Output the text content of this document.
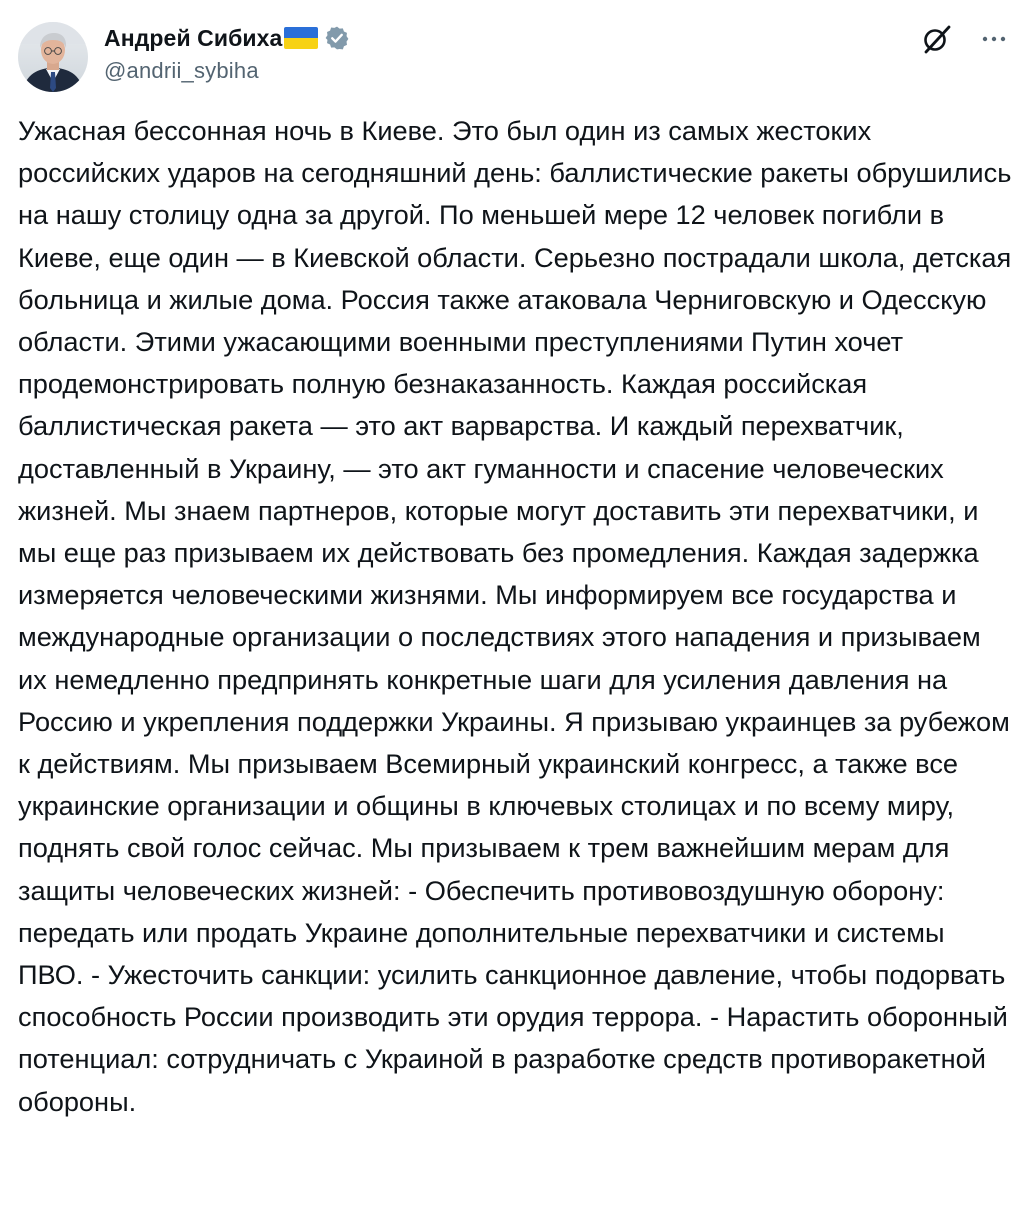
Андрей Сибиха
@andrii_sybiha
Ужасная бессонная ночь в Киеве. Это был один из самых жестоких российских ударов на сегодняшний день: баллистические ракеты обрушились на нашу столицу одна за другой. По меньшей мере 12 человек погибли в Киеве, еще один — в Киевской области. Серьезно пострадали школа, детская больница и жилые дома. Россия также атаковала Черниговскую и Одесскую области. Этими ужасающими военными преступлениями Путин хочет продемонстрировать полную безнаказанность. Каждая российская баллистическая ракета — это акт варварства. И каждый перехватчик, доставленный в Украину, — это акт гуманности и спасение человеческих жизней. Мы знаем партнеров, которые могут доставить эти перехватчики, и мы еще раз призываем их действовать без промедления. Каждая задержка измеряется человеческими жизнями. Мы информируем все государства и международные организации о последствиях этого нападения и призываем их немедленно предпринять конкретные шаги для усиления давления на Россию и укрепления поддержки Украины. Я призываю украинцев за рубежом к действиям. Мы призываем Всемирный украинский конгресс, а также все украинские организации и общины в ключевых столицах и по всему миру, поднять свой голос сейчас. Мы призываем к трем важнейшим мерам для защиты человеческих жизней: - Обеспечить противовоздушную оборону: передать или продать Украине дополнительные перехватчики и системы ПВО. - Ужесточить санкции: усилить санкционное давление, чтобы подорвать способность России производить эти орудия террора. - Нарастить оборонный потенциал: сотрудничать с Украиной в разработке средств противоракетной обороны.
